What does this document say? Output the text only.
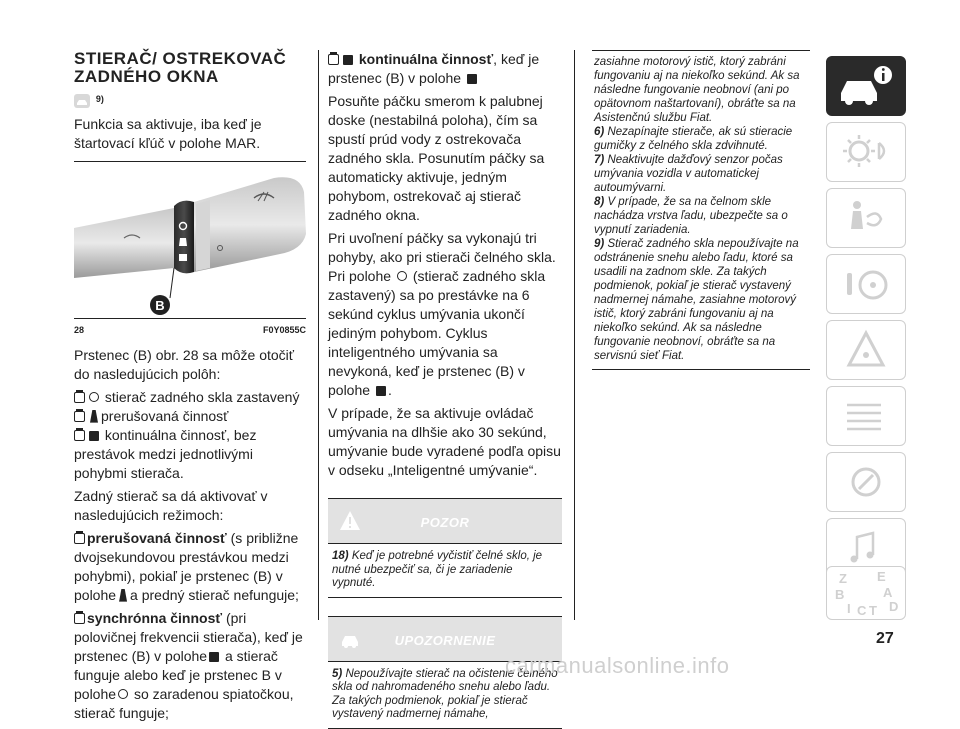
STIERAČ/ OSTREKOVAČ
ZADNÉHO OKNA
$^{9)}$

Funkcia sa aktivuje, iba keď je štartovací kľúč v polohe MAR.

B
28	F0Y0855C

Prstenec (B) obr. 28 sa môže otočiť do nasledujúcich polôh:

stierač zadného skla zastavený
prerušovaná činnosť

kontinuálna činnosť, bez prestávok medzi jednotlivými pohybmi stierača.

Zadný stierač sa dá aktivovať v nasledujúcich režimoch:

prerušovaná činnosť (s približne dvojsekundovou prestávkou medzi pohybmi), pokiaľ je prstenec (B) v polohe a predný stierač nefunguje;

synchrónna činnosť (pri polovičnej frekvencii stierača), keď je prstenec (B) v polohe a stierač funguje alebo keď je prstenec B v polohe so zaradenou spiatočkou, stierač funguje;

kontinuálna činnosť, keď je prstenec (B) v polohe

Posuňte páčku smerom k palubnej doske (nestabilná poloha), čím sa spustí prúd vody z ostrekovača zadného skla. Posunutím páčky sa automaticky aktivuje, jedným pohybom, ostrekovač aj stierač zadného okna.

Pri uvoľnení páčky sa vykonajú tri pohyby, ako pri stierači čelného skla. Pri polohe (stierač zadného skla zastavený) sa po prestávke na 6 sekúnd cyklus umývania ukončí jediným pohybom. Cyklus inteligentného umývania sa nevykoná, keď je prstenec (B) v polohe .

V prípade, že sa aktivuje ovládač umývania na dlhšie ako 30 sekúnd, umývanie bude vyradené podľa opisu v odseku „Inteligentné umývanie“.

POZOR
18) Keď je potrebné vyčistiť čelné sklo, je nutné ubezpečiť sa, či je zariadenie vypnuté.
UPOZORNENIE
5) Nepoužívajte stierač na očistenie čelného skla od nahromadeného snehu alebo ľadu. Za takých podmienok, pokiaľ je stierač vystavený nadmernej námahe,

zasiahne motorový istič, ktorý zabráni fungovaniu aj na niekoľko sekúnd. Ak sa následne fungovanie neobnoví (ani po opätovnom naštartovaní), obráťte sa na Asistenčnú službu Fiat.

6) Nezapínajte stierače, ak sú stieracie gumičky z čelného skla zdvihnuté.

7) Neaktivujte dažďový senzor počas umývania vozidla v automatickej autoumývarni.

8) V prípade, že sa na čelnom skle nachádza vrstva ľadu, ubezpečte sa o vypnutí zariadenia.

9) Stierač zadného skla nepoužívajte na odstránenie snehu alebo ľadu, ktoré sa usadili na zadnom skle. Za takých podmienok, pokiaľ je stierač vystavený nadmernej námahe, zasiahne motorový istič, ktorý zabráni fungovaniu aj na niekoľko sekúnd. Ak sa následne fungovanie neobnoví, obráťte sa na servisnú sieť Fiat.

Z E
B	A
I C T D
27
carmanualsonline.info
